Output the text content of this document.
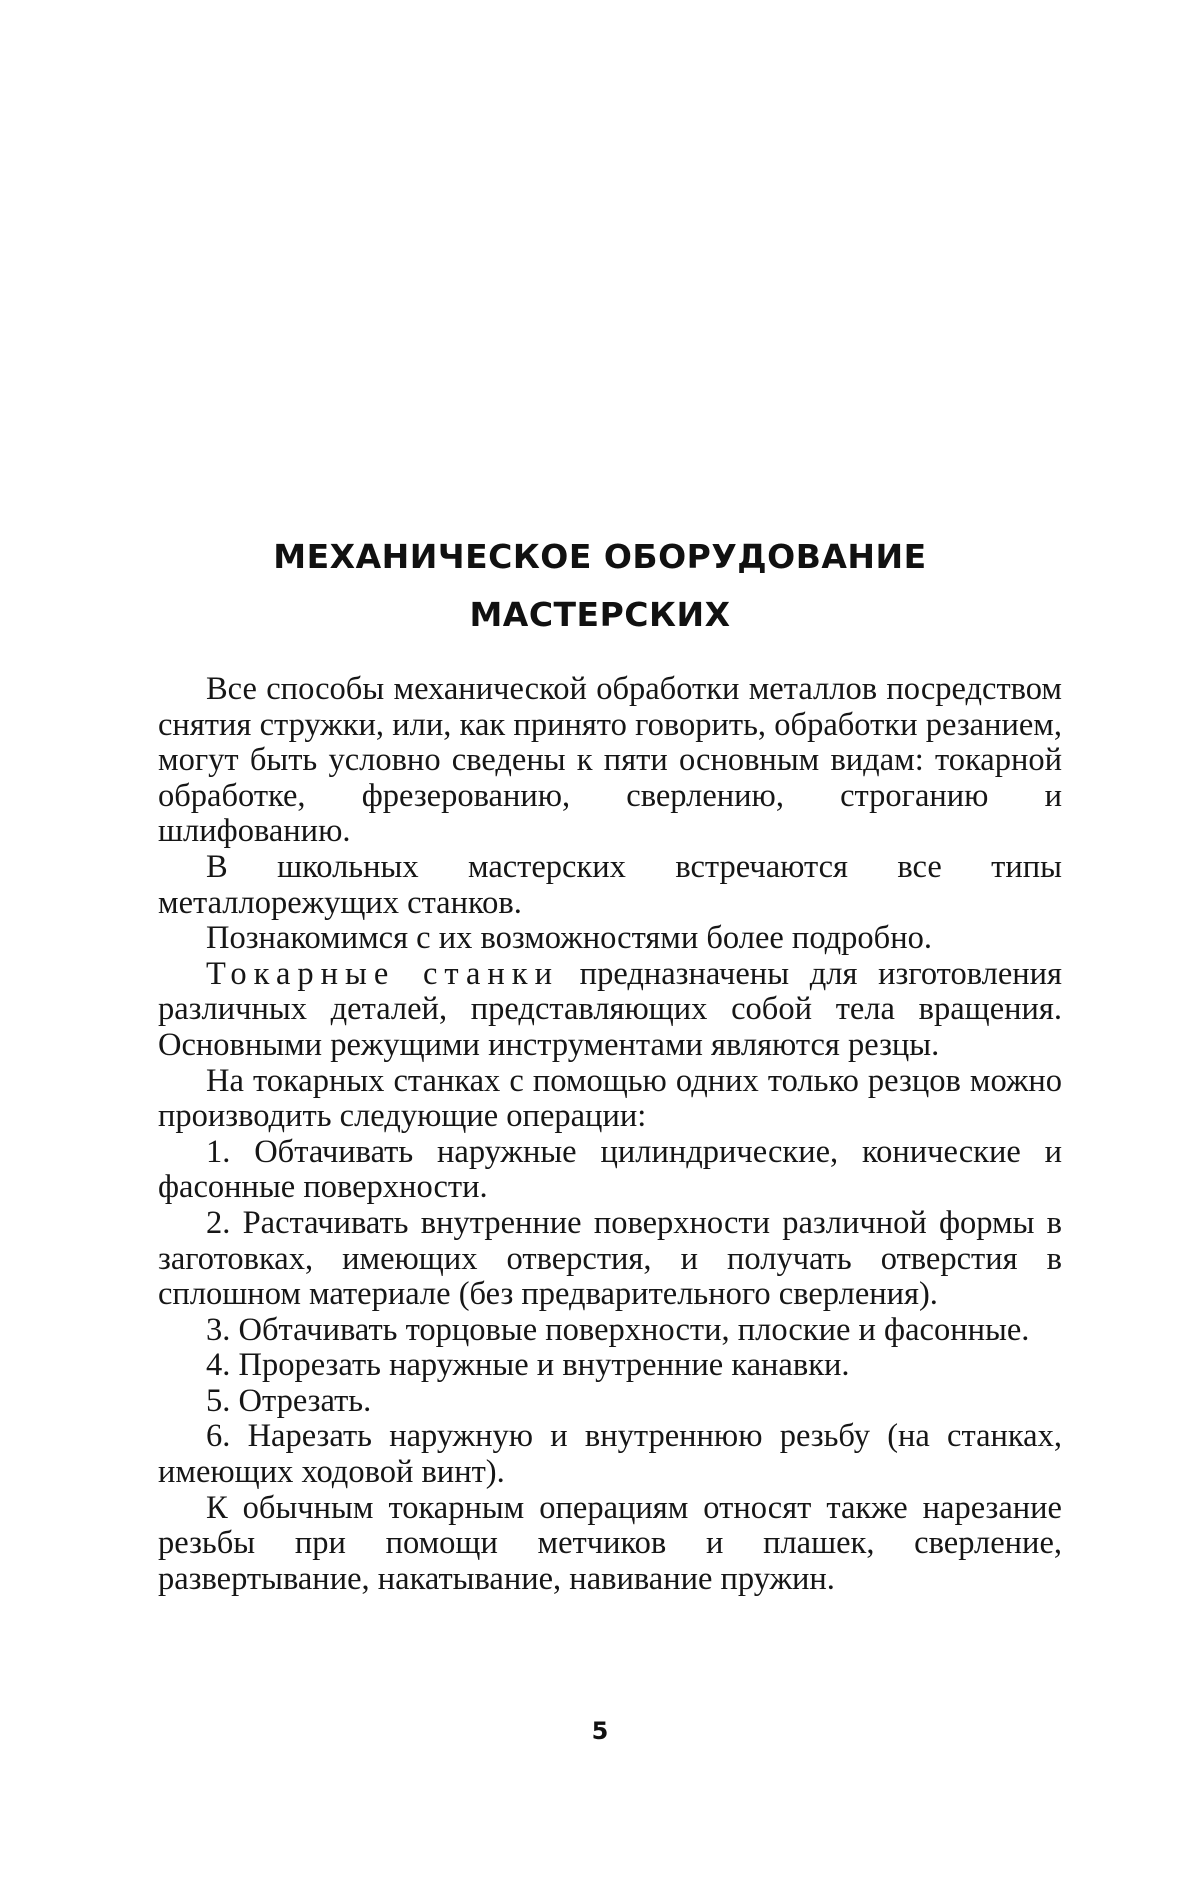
МЕХАНИЧЕСКОЕ ОБОРУДОВАНИЕ
МАСТЕРСКИХ

Все способы механической обработки металлов посредством снятия стружки, или, как принято говорить, обработки резанием, могут быть условно сведены к пяти основным видам: токарной обработке, фрезерованию, сверлению, строганию и шлифованию.

В школьных мастерских встречаются все типы металлорежущих станков.

Познакомимся с их возможностями более подробно.

Токарные станки предназначены для изготовления различных деталей, представляющих собой тела вращения. Основными режущими инструментами являются резцы.

На токарных станках с помощью одних только резцов можно производить следующие операции:

1. Обтачивать наружные цилиндрические, конические и фасонные поверхности.

2. Растачивать внутренние поверхности различной формы в заготовках, имеющих отверстия, и получать отверстия в сплошном материале (без предварительного сверления).

3. Обтачивать торцовые поверхности, плоские и фасонные.

4. Прорезать наружные и внутренние канавки.

5. Отрезать.

6. Нарезать наружную и внутреннюю резьбу (на станках, имеющих ходовой винт).

К обычным токарным операциям относят также нарезание резьбы при помощи метчиков и плашек, сверление, развертывание, накатывание, навивание пружин.

5
